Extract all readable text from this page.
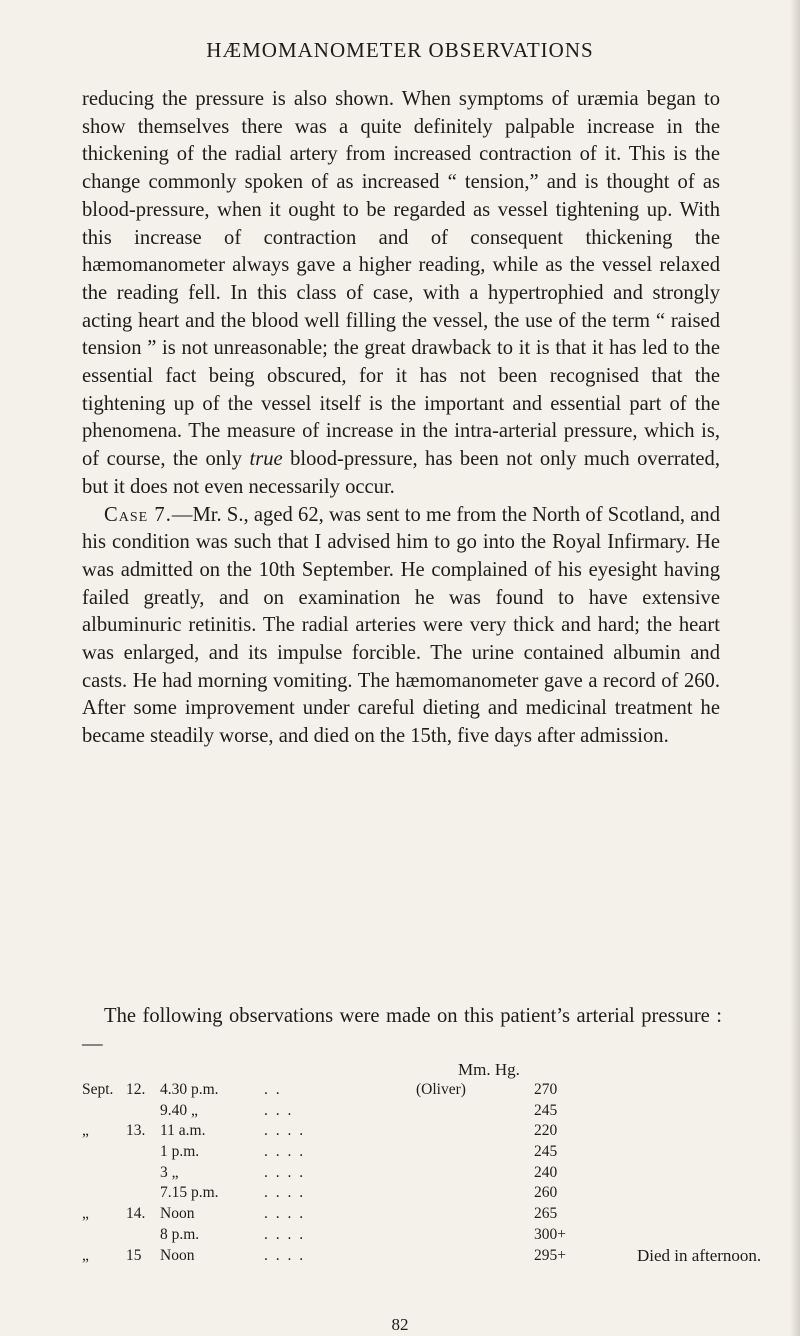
HÆMOMANOMETER OBSERVATIONS

reducing the pressure is also shown. When symptoms of uræmia began to show themselves there was a quite definitely palpable increase in the thickening of the radial artery from increased contraction of it. This is the change commonly spoken of as increased “ tension,” and is thought of as blood-pressure, when it ought to be regarded as vessel tightening up. With this increase of contraction and of consequent thickening the hæmomanometer always gave a higher reading, while as the vessel relaxed the reading fell. In this class of case, with a hypertrophied and strongly acting heart and the blood well filling the vessel, the use of the term “ raised tension ” is not unreasonable; the great drawback to it is that it has led to the essential fact being obscured, for it has not been recognised that the tightening up of the vessel itself is the important and essential part of the phenomena. The measure of increase in the intra-arterial pressure, which is, of course, the only true blood-pressure, has been not only much overrated, but it does not even necessarily occur.

Case 7.—Mr. S., aged 62, was sent to me from the North of Scotland, and his condition was such that I advised him to go into the Royal Infirmary. He was admitted on the 10th September. He complained of his eyesight having failed greatly, and on examination he was found to have extensive albuminuric retinitis. The radial arteries were very thick and hard; the heart was enlarged, and its impulse forcible. The urine contained albumin and casts. He had morning vomiting. The hæmomanometer gave a record of 260. After some improvement under careful dieting and medicinal treatment he became steadily worse, and died on the 15th, five days after admission.

The following observations were made on this patient’s arterial pressure :—

Mm. Hg.
Sept. 12. 4.30 p.m.	. .	(Oliver)	270
9.40 „	. . .	245
„ 13. 11 a.m.	. . . .	220
1 p.m.	. . . .	245
3 „	. . . .	240
7.15 p.m.	. . . .	260
„ 14. Noon	. . . .	265
8 p.m.	. . . .	300+
„ 15 Noon	. . . .	295+	Died in afternoon.
82
